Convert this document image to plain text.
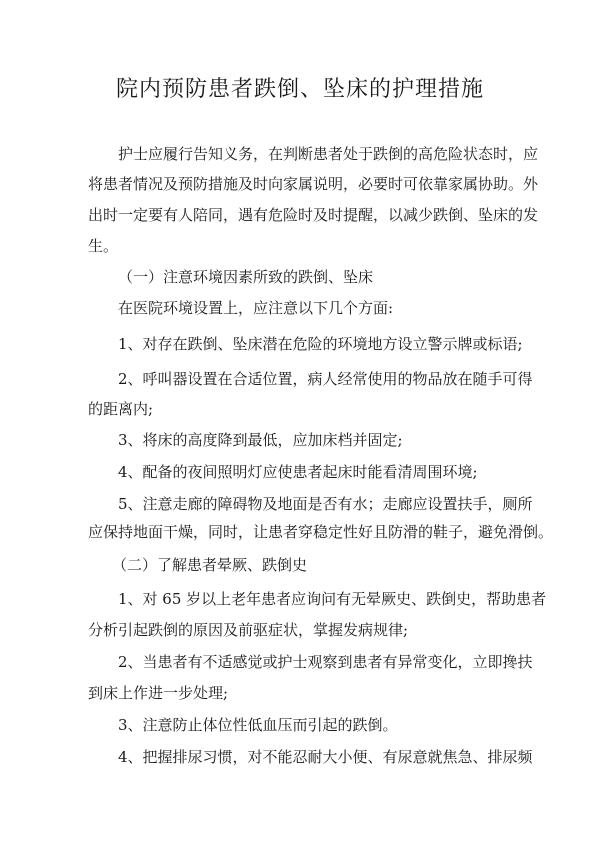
院内预防患者跌倒、坠床的护理措施

护士应履行告知义务，在判断患者处于跌倒的高危险状态时，应

将患者情况及预防措施及时向家属说明，必要时可依靠家属协助。外

出时一定要有人陪同，遇有危险时及时提醒，以减少跌倒、坠床的发

生。

（一）注意环境因素所致的跌倒、坠床

在医院环境设置上，应注意以下几个方面:

1、对存在跌倒、坠床潜在危险的环境地方设立警示牌或标语;

2、呼叫器设置在合适位置，病人经常使用的物品放在随手可得

的距离内;

3、将床的高度降到最低，应加床档并固定;

4、配备的夜间照明灯应使患者起床时能看清周围环境;

5、注意走廊的障碍物及地面是否有水；走廊应设置扶手，厕所

应保持地面干燥，同时，让患者穿稳定性好且防滑的鞋子，避免滑倒。

（二）了解患者晕厥、跌倒史

1、对 65 岁以上老年患者应询问有无晕厥史、跌倒史，帮助患者

分析引起跌倒的原因及前驱症状，掌握发病规律;

2、当患者有不适感觉或护士观察到患者有异常变化，立即搀扶

到床上作进一步处理;

3、注意防止体位性低血压而引起的跌倒。

4、把握排尿习惯，对不能忍耐大小便、有尿意就焦急、排尿频
